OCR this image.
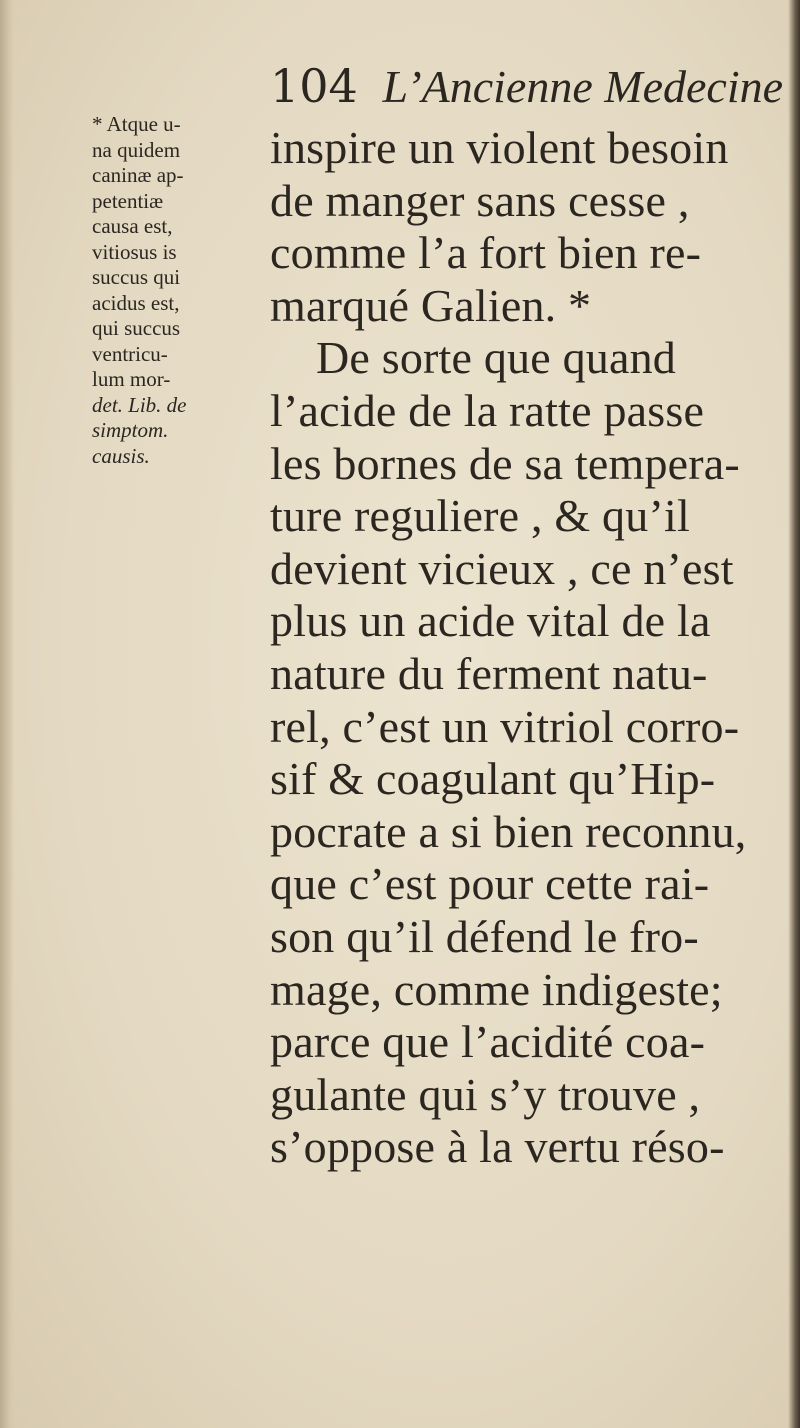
104 L’Ancienne Medecine
* Atque u-
na quidem
caninæ ap-
petentiæ
causa est,
vitiosus is
succus qui
acidus est,
qui succus
ventricu-
lum mor-
det. Lib. de
simptom.
causis.
inspire un violent besoin
de manger sans cesse ,
comme l’a fort bien re-
marqué Galien. *
De sorte que quand
l’acide de la ratte passe
les bornes de sa tempera-
ture reguliere , & qu’il
devient vicieux , ce n’est
plus un acide vital de la
nature du ferment natu-
rel, c’est un vitriol corro-
sif & coagulant qu’Hip-
pocrate a si bien reconnu,
que c’est pour cette rai-
son qu’il défend le fro-
mage, comme indigeste;
parce que l’acidité coa-
gulante qui s’y trouve ,
s’oppose à la vertu réso-
